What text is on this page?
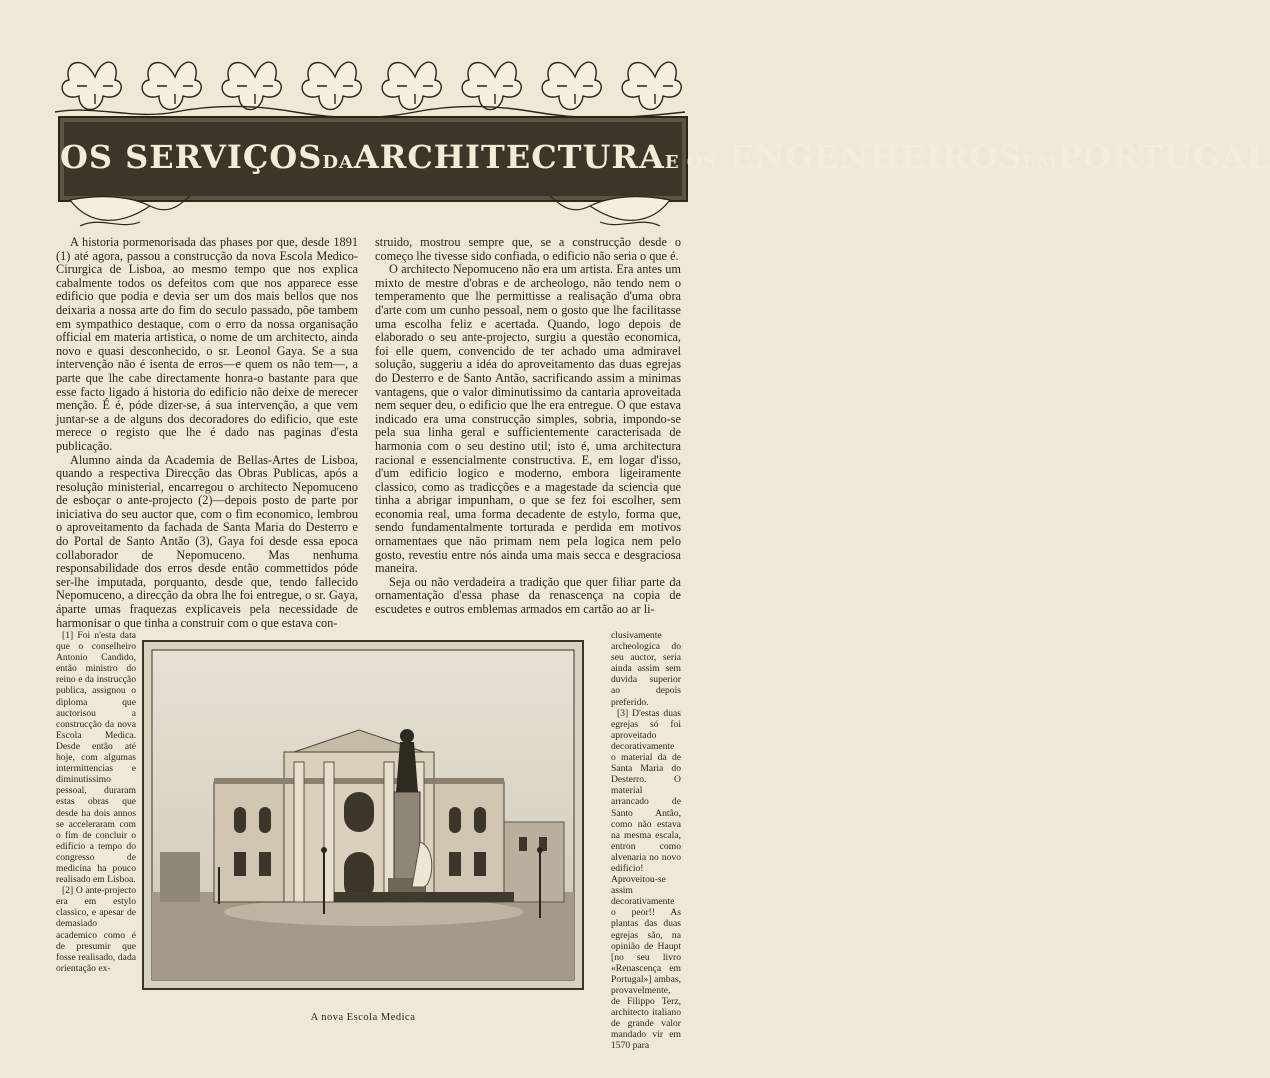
OS SERVIÇOSDAARCHITECTURAE OS ENGENHEIROSEMPORTUGAL

A historia pormenorisada das phases por que, desde 1891 (1) até agora, passou a construcção da nova Escola Medico-Cirurgica de Lisboa, ao mesmo tempo que nos explica cabalmente todos os defeitos com que nos apparece esse edificio que podia e devia ser um dos mais bellos que nos deixaria a nossa arte do fim do seculo passado, põe tambem em sympathico destaque, com o erro da nossa organisação official em materia artistica, o nome de um architecto, ainda novo e quasi desconhecido, o sr. Leonol Gaya. Se a sua intervenção não é isenta de erros—e quem os não tem—, a parte que lhe cabe directamente honra-o bastante para que esse facto ligado á historia do edificio não deixe de merecer menção. É é, póde dizer-se, á sua intervenção, a que vem juntar-se a de alguns dos decoradores do edificio, que este merece o registo que lhe é dado nas paginas d'esta publicação.

Alumno ainda da Academia de Bellas-Artes de Lisboa, quando a respectiva Direcção das Obras Publicas, após a resolução ministerial, encarregou o architecto Nepomuceno de esboçar o ante-projecto (2)—depois posto de parte por iniciativa do seu auctor que, com o fim economico, lembrou o aproveitamento da fachada de Santa Maria do Desterro e do Portal de Santo Antão (3), Gaya foi desde essa epoca collaborador de Nepomuceno. Mas nenhuma responsabilidade dos erros desde então commettidos póde ser-lhe imputada, porquanto, desde que, tendo fallecido Nepomuceno, a direcção da obra lhe foi entregue, o sr. Gaya, áparte umas fraquezas explicaveis pela necessidade de harmonisar o que tinha a construir com o que estava con-

struido, mostrou sempre que, se a construcção desde o começo lhe tivesse sido confiada, o edificio não seria o que é.

O architecto Nepomuceno não era um artista. Era antes um mixto de mestre d'obras e de archeologo, não tendo nem o temperamento que lhe permittisse a realisação d'uma obra d'arte com um cunho pessoal, nem o gosto que lhe facilitasse uma escolha feliz e acertada. Quando, logo depois de elaborado o seu ante-projecto, surgiu a questão economica, foi elle quem, convencido de ter achado uma admiravel solução, suggeriu a idéa do aproveitamento das duas egrejas do Desterro e de Santo Antão, sacrificando assim a minimas vantagens, que o valor diminutissimo da cantaria aproveitada nem sequer deu, o edificio que lhe era entregue. O que estava indicado era uma construcção simples, sobria, impondo-se pela sua linha geral e sufficientemente caracterisada de harmonia com o seu destino util; isto é, uma architectura racional e essencialmente constructiva. E, em logar d'isso, d'um edificio logico e moderno, embora ligeiramente classico, como as tradicções e a magestade da sciencia que tinha a abrigar impunham, o que se fez foi escolher, sem economia real, uma forma decadente de estylo, forma que, sendo fundamentalmente torturada e perdida em motivos ornamentaes que não primam nem pela logica nem pelo gosto, revestiu entre nós ainda uma mais secca e desgraciosa maneira.

Seja ou não verdadeira a tradição que quer filiar parte da ornamentação d'essa phase da renascença na copia de escudetes e outros emblemas armados em cartão ao ar li-

[1] Foi n'esta data que o conselheiro Antonio Candido, então ministro do reino e da instrucção publica, assignou o diploma que auctorisou a construcção da nova Escola Medica. Desde então até hoje, com algumas intermittencias e diminutissimo pessoal, duraram estas obras que desde ha dois annos se acceleraram com o fim de concluir o edificio a tempo do congresso de medicina ha pouco realisado em Lisboa.

[2] O ante-projecto era em estylo classico, e apesar de demasiado academico como é de presumir que fosse realisado, dada orientação ex-

A nova Escola Medica

clusivamente archeologica do seu auctor, seria ainda assim sem duvida superior ao depois preferido.

[3] D'estas duas egrejas só foi aproveitado decorativamente o material da de Santa Maria do Desterro. O material arrancado de Santo Antão, como não estava na mesma escala, entron como alvenaria no novo edificio! Aproveitou-se assim decorativamente o peor!! As plantas das duas egrejas são, na opinião de Haupt [no seu livro «Renascença em Portugal»] ambas, provavelmente, de Filippo Terz, architecto italiano de grande valor mandado vir em 1570 para
